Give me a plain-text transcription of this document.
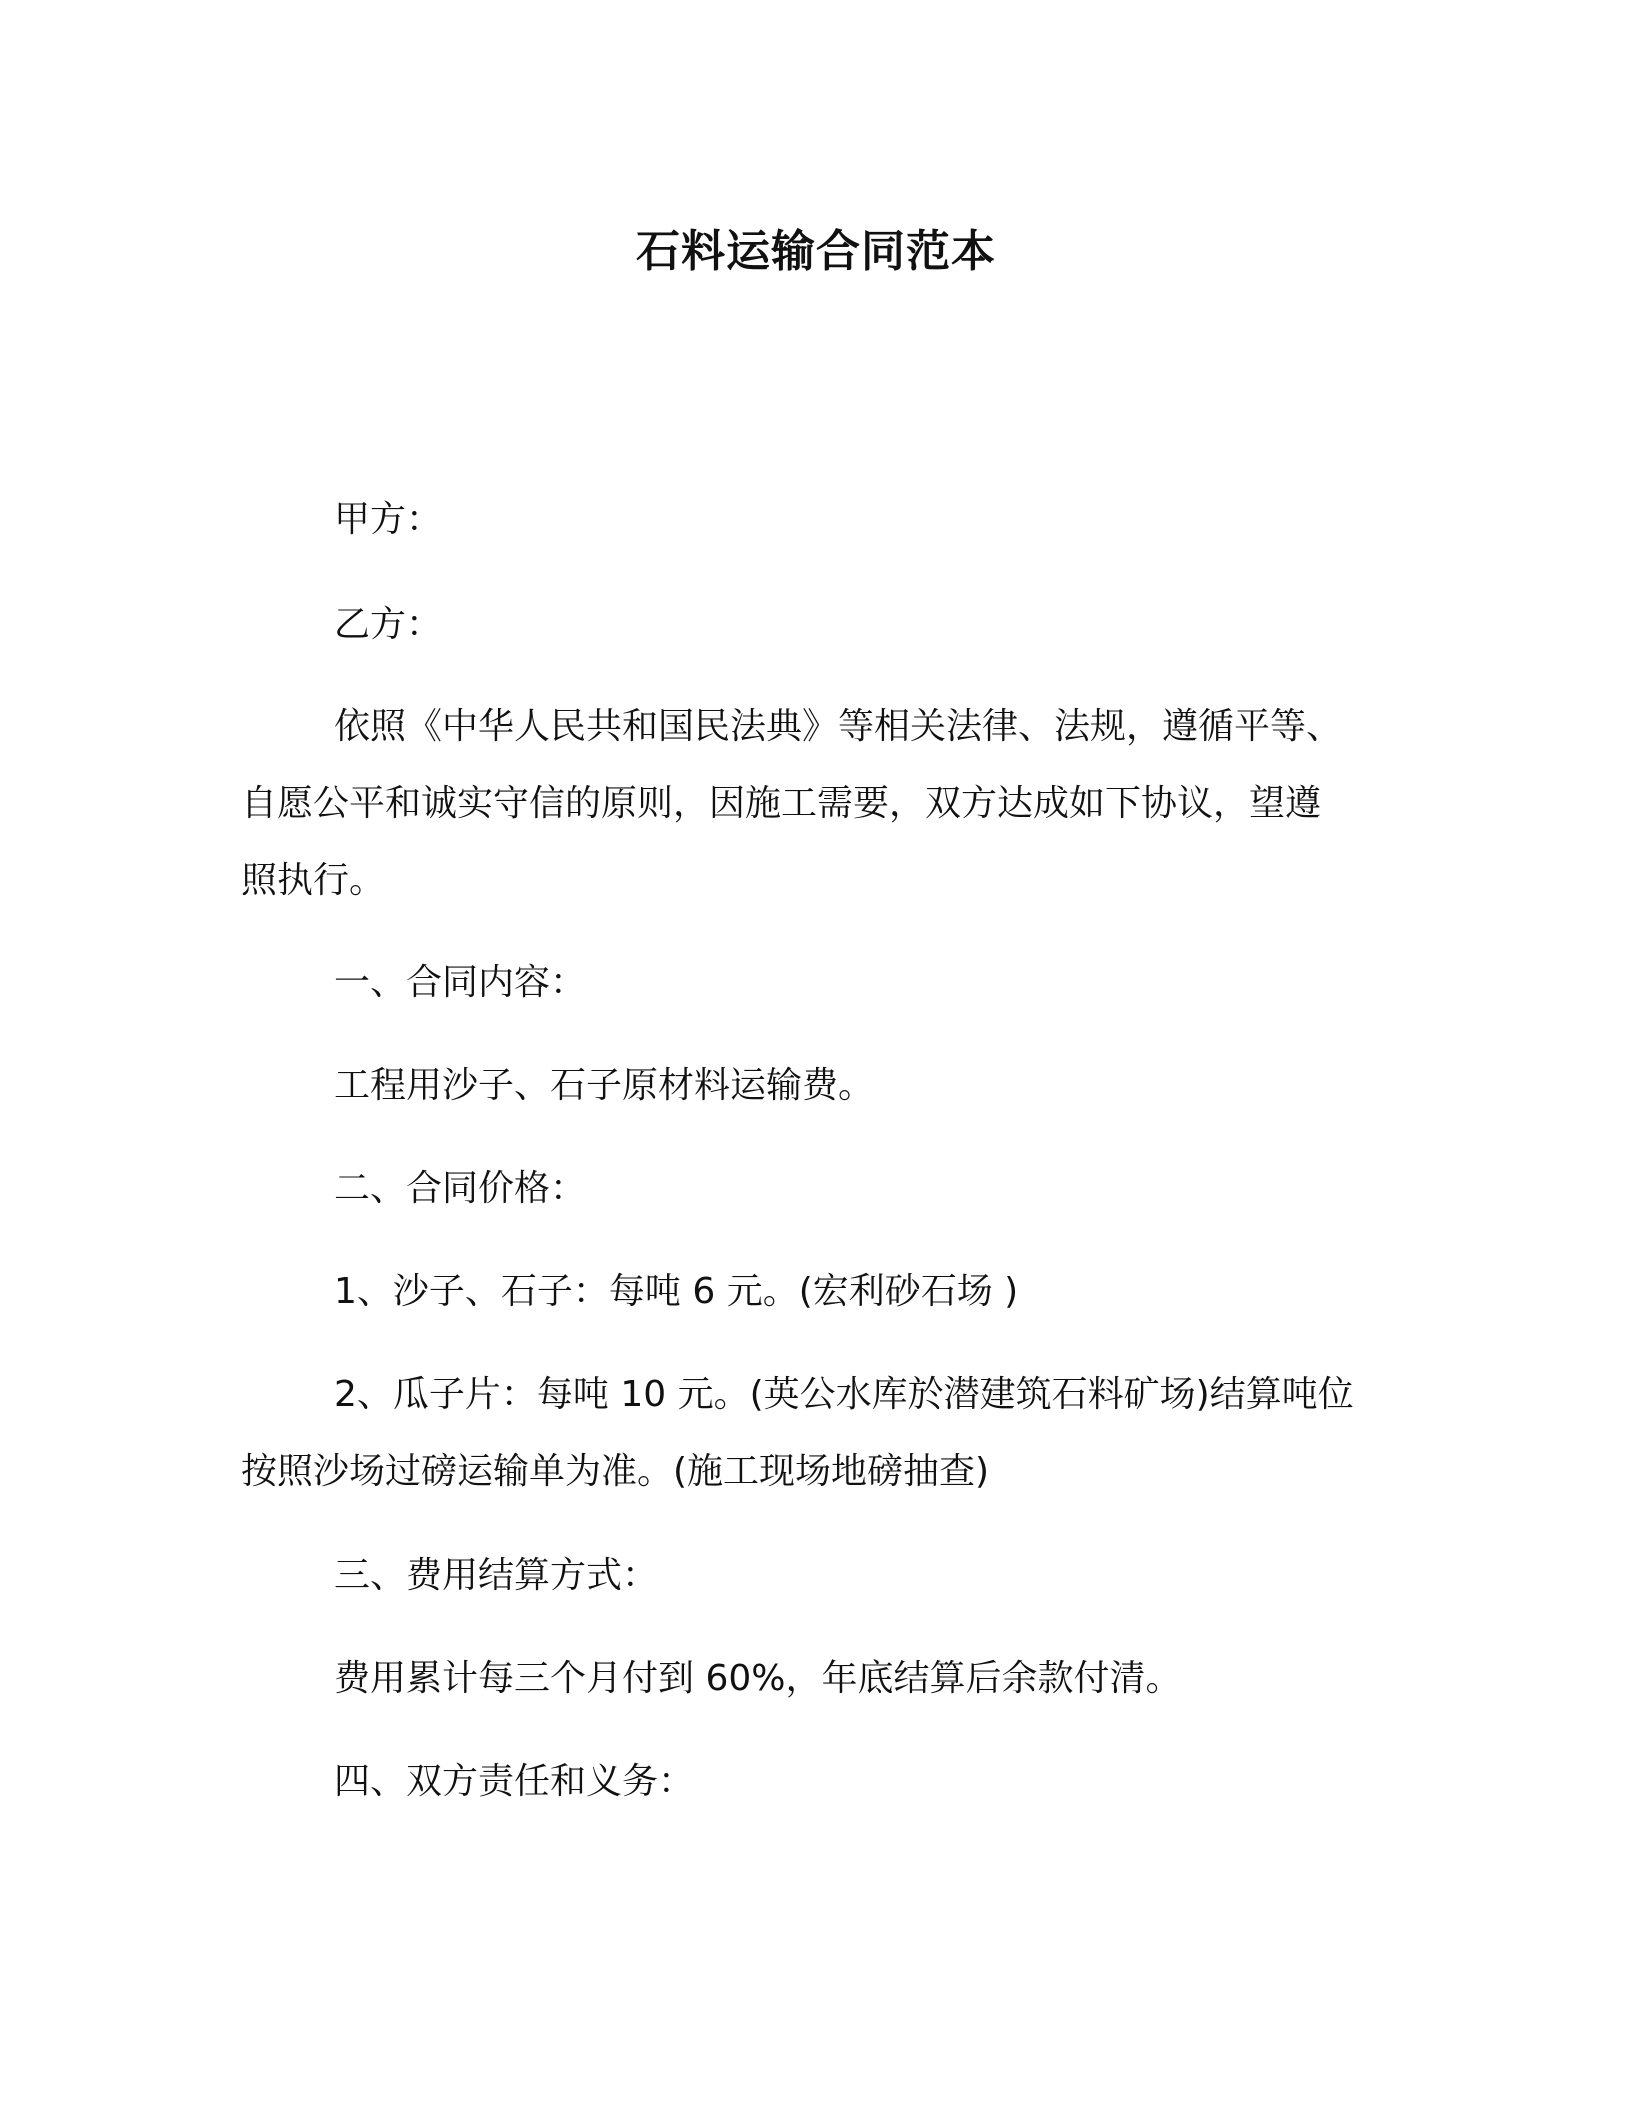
石料运输合同范本
甲方：
乙方：
依照《中华人民共和国民法典》等相关法律、法规，遵循平等、
自愿公平和诚实守信的原则，因施工需要，双方达成如下协议，望遵
照执行。
一、合同内容：
工程用沙子、石子原材料运输费。
二、合同价格：
1、沙子、石子：每吨 6 元。(宏利砂石场 )
2、瓜子片：每吨 10 元。(英公水库於潜建筑石料矿场)结算吨位
按照沙场过磅运输单为准。(施工现场地磅抽查)
三、费用结算方式：
费用累计每三个月付到 60%，年底结算后余款付清。
四、双方责任和义务：
